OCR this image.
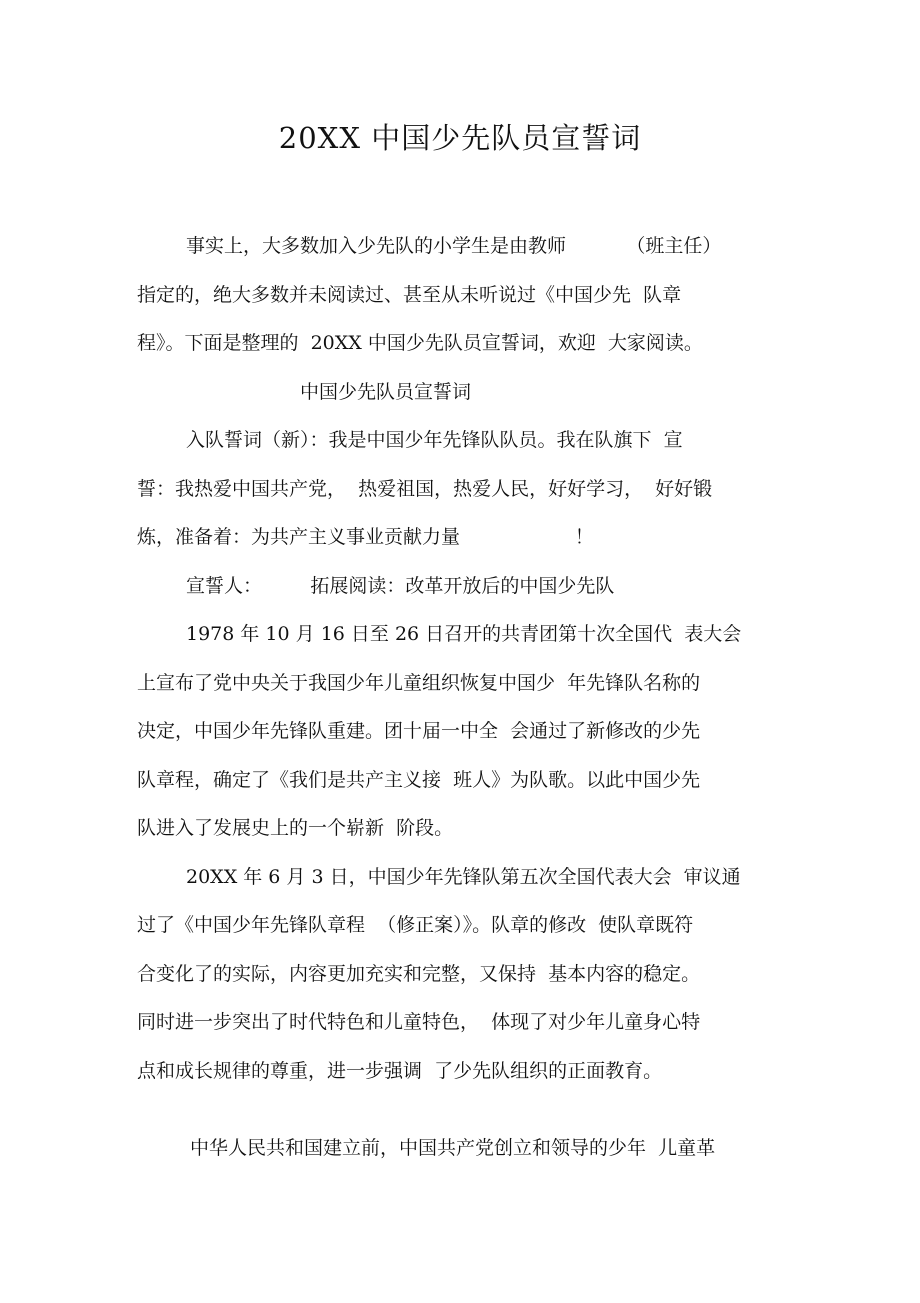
20XX 中国少先队员宣誓词
事实上，大多数加入少先队的小学生是由教师          （班主任）
指定的，绝大多数并未阅读过、甚至从未听说过《中国少先  队章
程》。下面是整理的  20XX 中国少先队员宣誓词，欢迎  大家阅读。
中国少先队员宣誓词
入队誓词（新）：我是中国少年先锋队队员。我在队旗下  宣
誓：我热爱中国共产党，  热爱祖国，热爱人民，好好学习，  好好锻
炼，准备着：为共产主义事业贡献力量                   ！
宣誓人：        拓展阅读：改革开放后的中国少先队
1978 年 10 月 16 日至 26 日召开的共青团第十次全国代  表大会
上宣布了党中央关于我国少年儿童组织恢复中国少  年先锋队名称的
决定，中国少年先锋队重建。团十届一中全  会通过了新修改的少先
队章程，确定了《我们是共产主义接  班人》为队歌。以此中国少先
队进入了发展史上的一个崭新  阶段。
20XX 年 6 月 3 日，中国少年先锋队第五次全国代表大会  审议通
过了《中国少年先锋队章程  （修正案）》。队章的修改  使队章既符
合变化了的实际，内容更加充实和完整，又保持  基本内容的稳定。
同时进一步突出了时代特色和儿童特色，  体现了对少年儿童身心特
点和成长规律的尊重，进一步强调  了少先队组织的正面教育。
中华人民共和国建立前，中国共产党创立和领导的少年  儿童革
